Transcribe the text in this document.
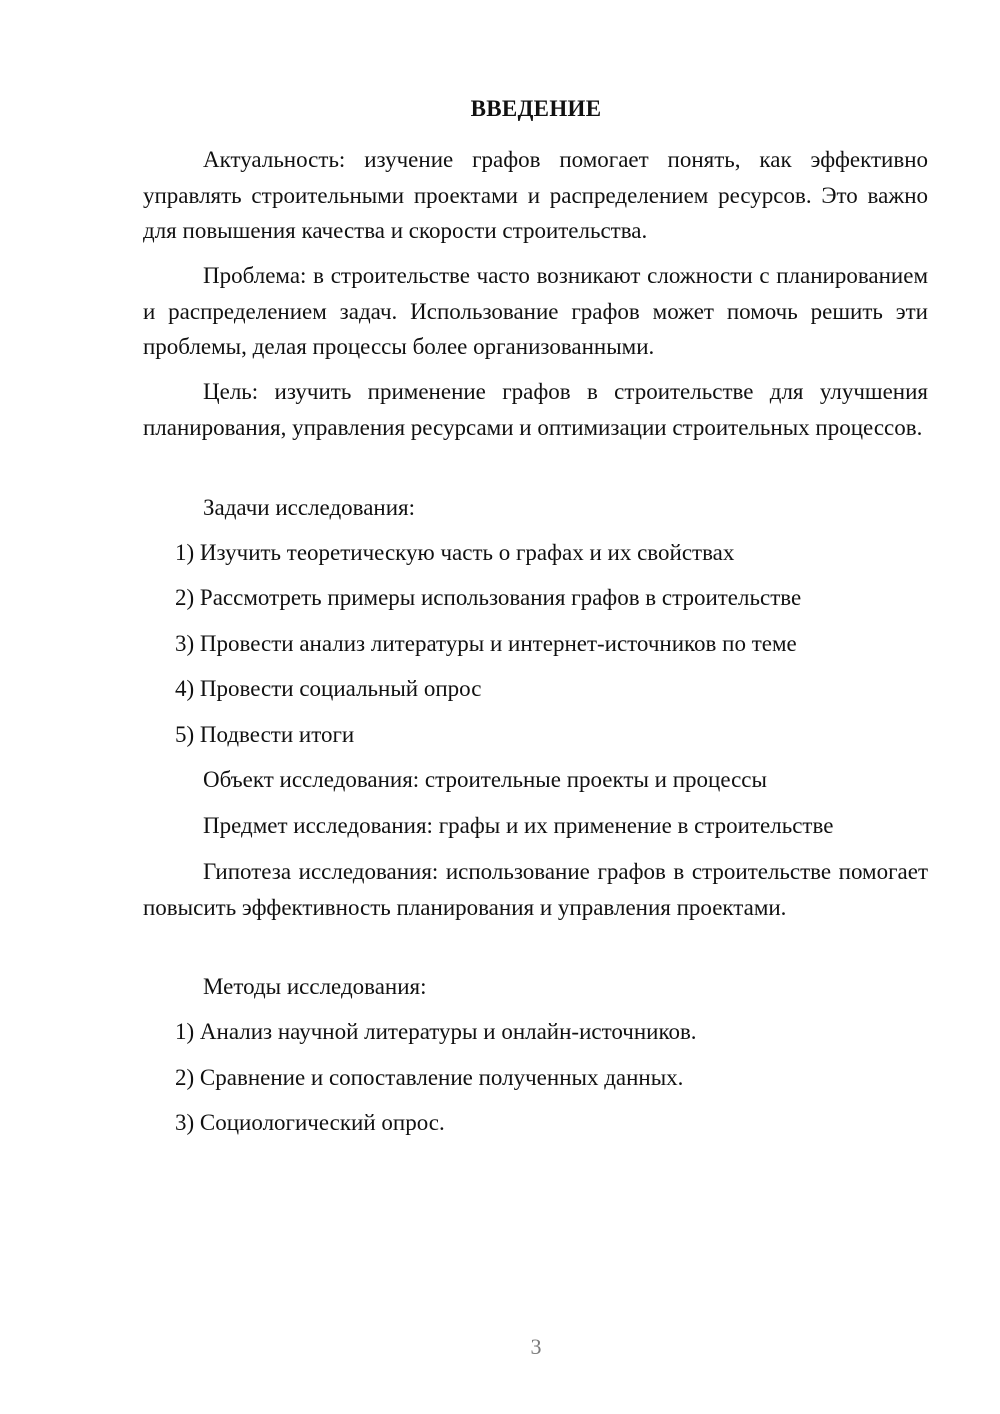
ВВЕДЕНИЕ

Актуальность: изучение графов помогает понять, как эффективно управлять строительными проектами и распределением ресурсов. Это важно для повышения качества и скорости строительства.

Проблема: в строительстве часто возникают сложности с планированием и распределением задач. Использование графов может помочь решить эти проблемы, делая процессы более организованными.

Цель: изучить применение графов в строительстве для улучшения планирования, управления ресурсами и оптимизации строительных процессов.

Задачи исследования:
1) Изучить теоретическую часть о графах и их свойствах
2) Рассмотреть примеры использования графов в строительстве
3) Провести анализ литературы и интернет-источников по теме
4) Провести социальный опрос
5) Подвести итоги
Объект исследования: строительные проекты и процессы
Предмет исследования: графы и их применение в строительстве

Гипотеза исследования: использование графов в строительстве помогает повысить эффективность планирования и управления проектами.

Методы исследования:
1) Анализ научной литературы и онлайн-источников.
2) Сравнение и сопоставление полученных данных.
3) Социологический опрос.
3
